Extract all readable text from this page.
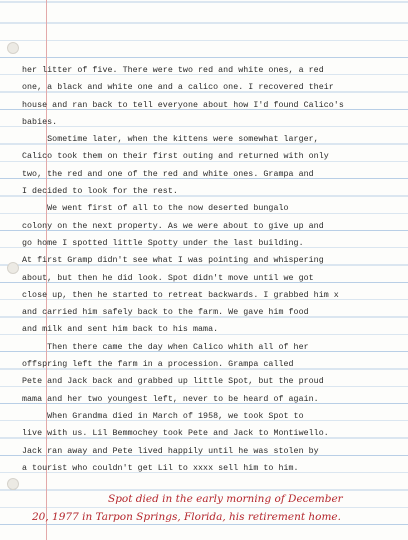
her litter of five. There were two red and white ones, a red
one, a black and white one and a calico one. I recovered their
house and ran back to tell everyone about how I'd found Calico's
babies.
Sometime later, when the kittens were somewhat larger,
Calico took them on their first outing and returned with only
two, the red and one of the red and white ones. Grampa and
I decided to look for the rest.
We went first of all to the now deserted bungalo
colony on the next property. As we were about to give up and
go home I spotted little Spotty under the last building.
At first Gramp didn't see what I was pointing and whispering
about, but then he did look. Spot didn't move until we got
close up, then he started to retreat backwards. I grabbed him x
and carried him safely back to the farm. We gave him food
and milk and sent him back to his mama.
Then there came the day when Calico whith all of her
offspring left the farm in a procession. Grampa called
Pete and Jack back and grabbed up little Spot, but the proud
mama and her two youngest left, never to be heard of again.
When Grandma died in March of 1958, we took Spot to
live with us. Lil Bemmochey took Pete and Jack to Montiwello.
Jack ran away and Pete lived happily until he was stolen by
a tourist who couldn't get Lil to xxxx sell him to him.
Spot died in the early morning of December
20, 1977 in Tarpon Springs, Florida, his retirement home.
